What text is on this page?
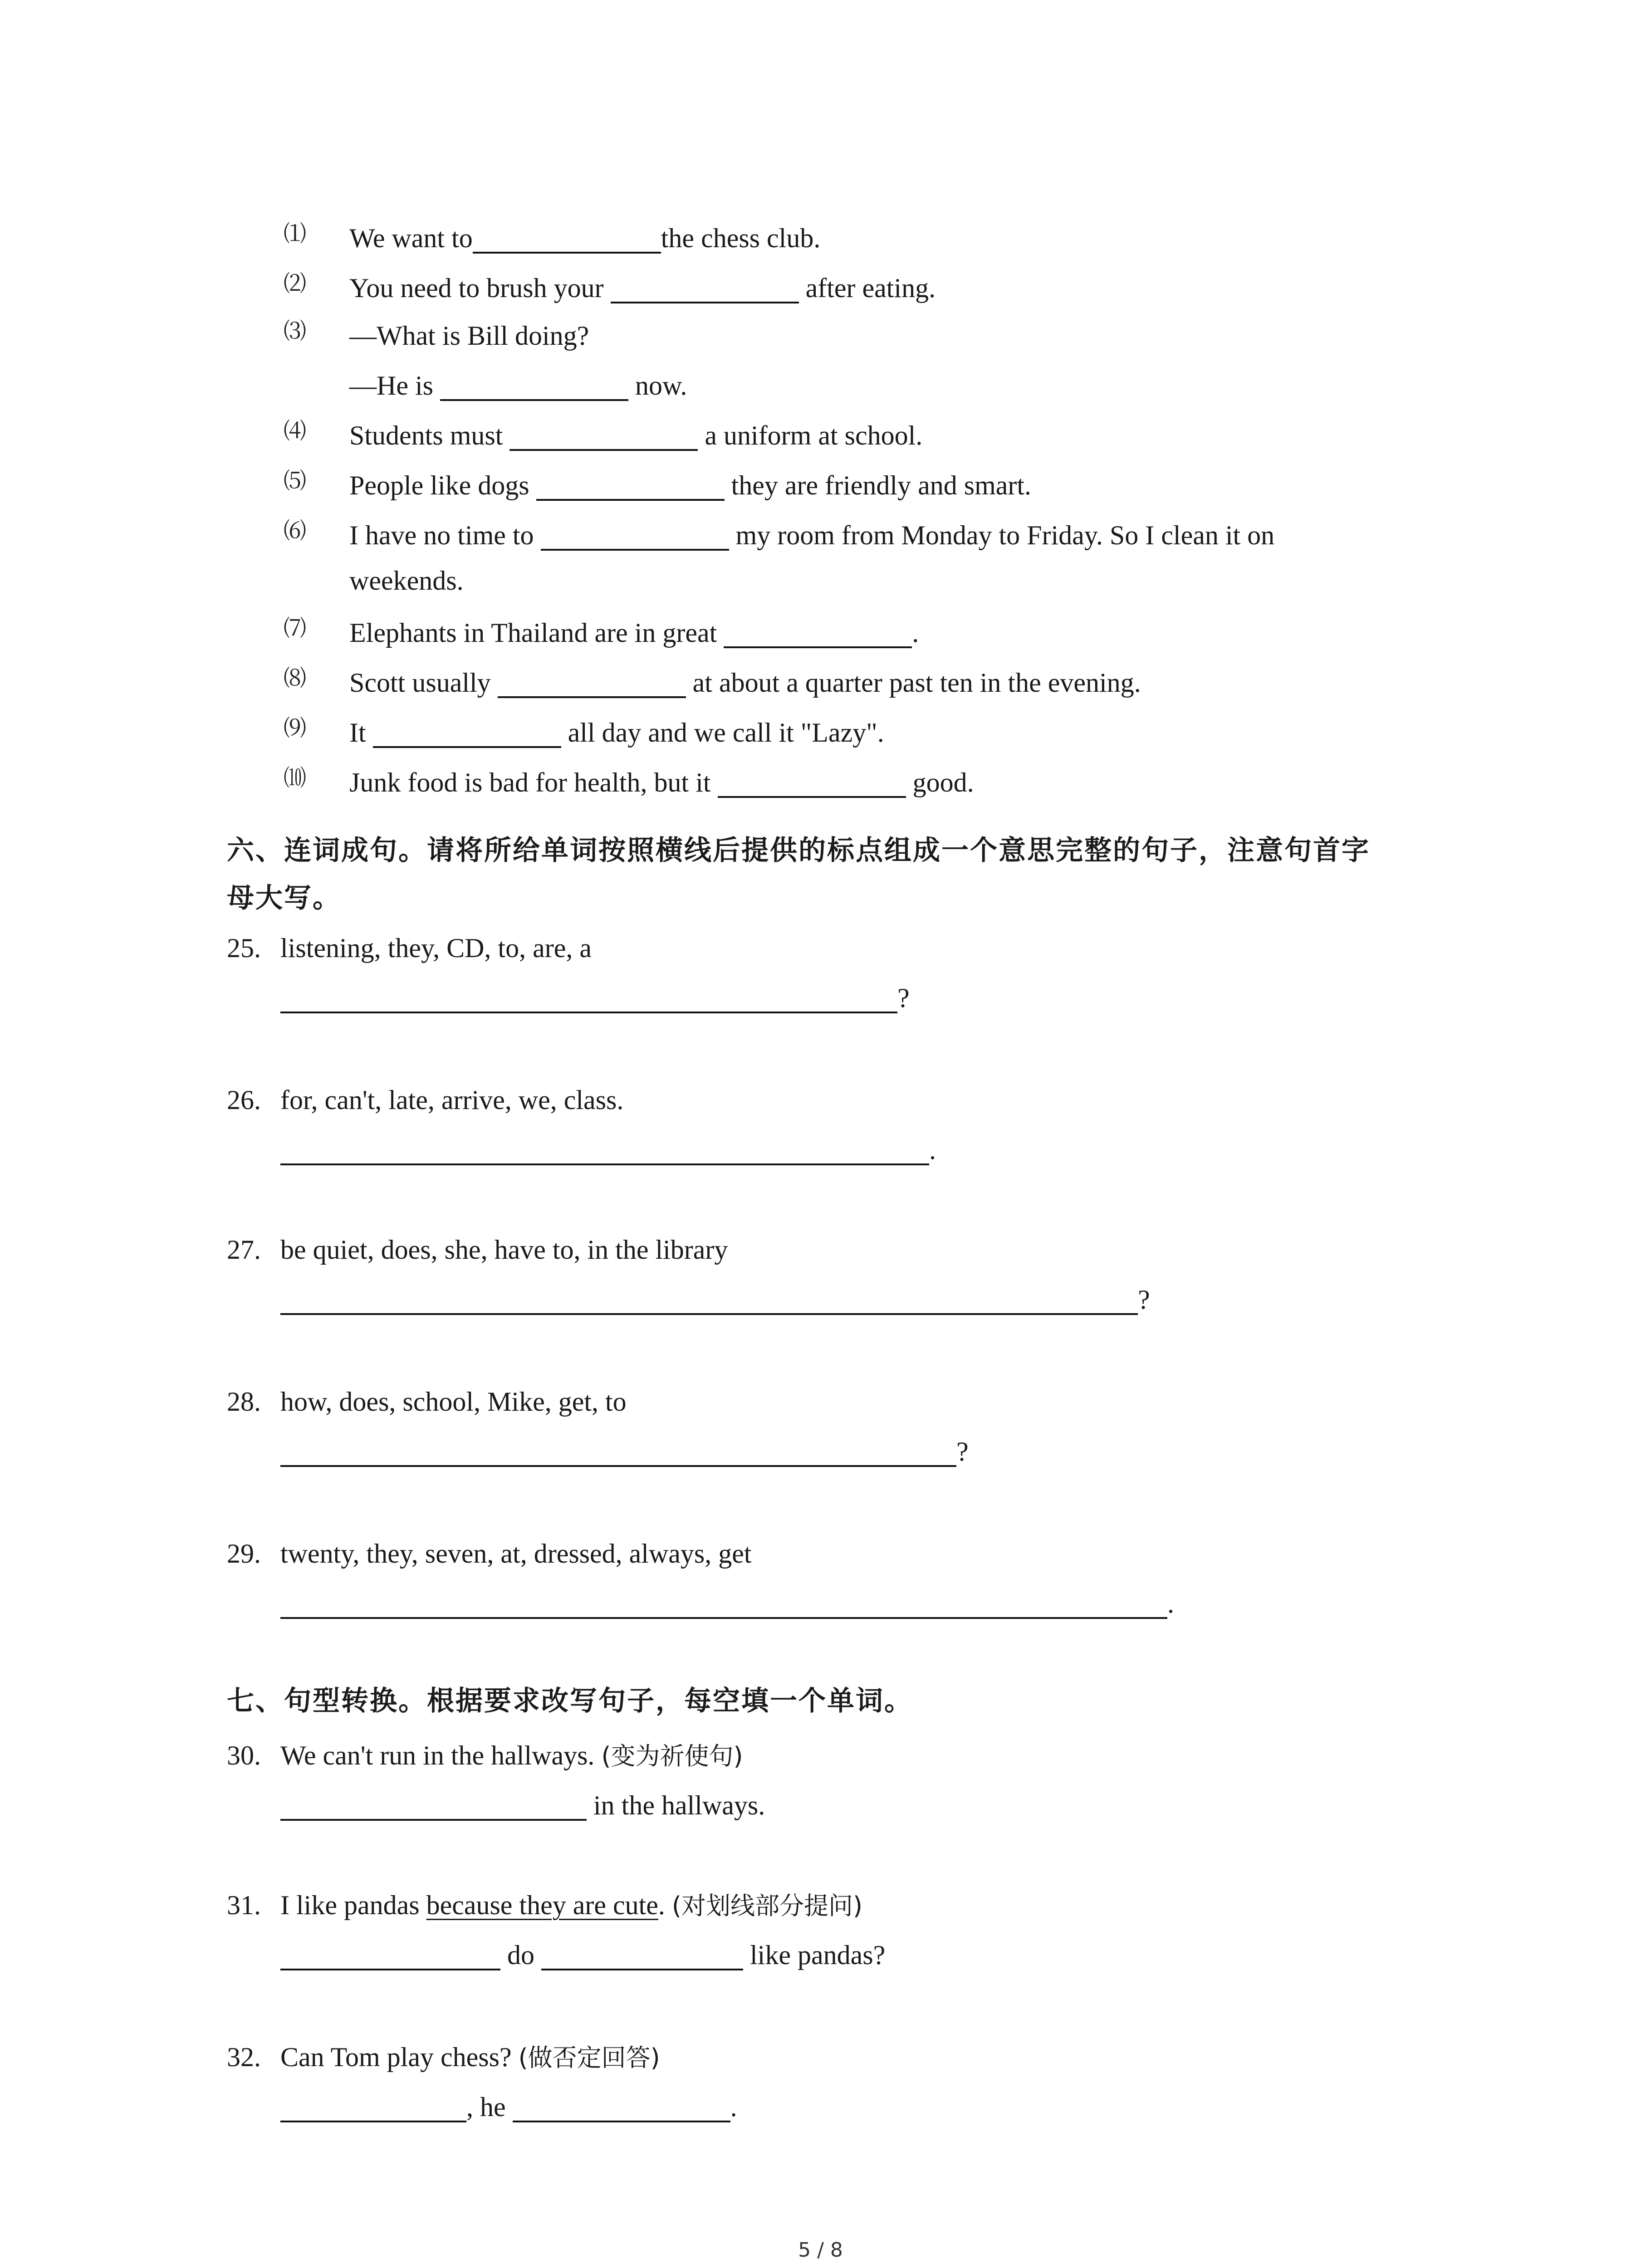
⑴ We want to	the chess club.
⑵ You need to brush your	after eating.
⑶ —What is Bill doing?
—He is	now.
⑷ Students must	a uniform at school.
⑸ People like dogs	they are friendly and smart.
⑹ I have no time to	my room from Monday to Friday. So I clean it on
weekends.
⑺ Elephants in Thailand are in great	.
⑻ Scott usually	at about a quarter past ten in the evening.
⑼ It	all day and we call it "Lazy".
⑽ Junk food is bad for health, but it	good.
六、连词成句。请将所给单词按照横线后提供的标点组成一个意思完整的句子，注意句首字
母大写。
25. listening, they, CD, to, are, a
?
26. for, can't, late, arrive, we, class.
.
27. be quiet, does, she, have to, in the library
?
28. how, does, school, Mike, get, to
?
29. twenty, they, seven, at, dressed, always, get
.
七、句型转换。根据要求改写句子，每空填一个单词。
30. We can't run in the hallways. (变为祈使句)
in the hallways.
31. I like pandas because they are cute. (对划线部分提问)
do	like pandas?
32. Can Tom play chess? (做否定回答)
, he	.
5 / 8
